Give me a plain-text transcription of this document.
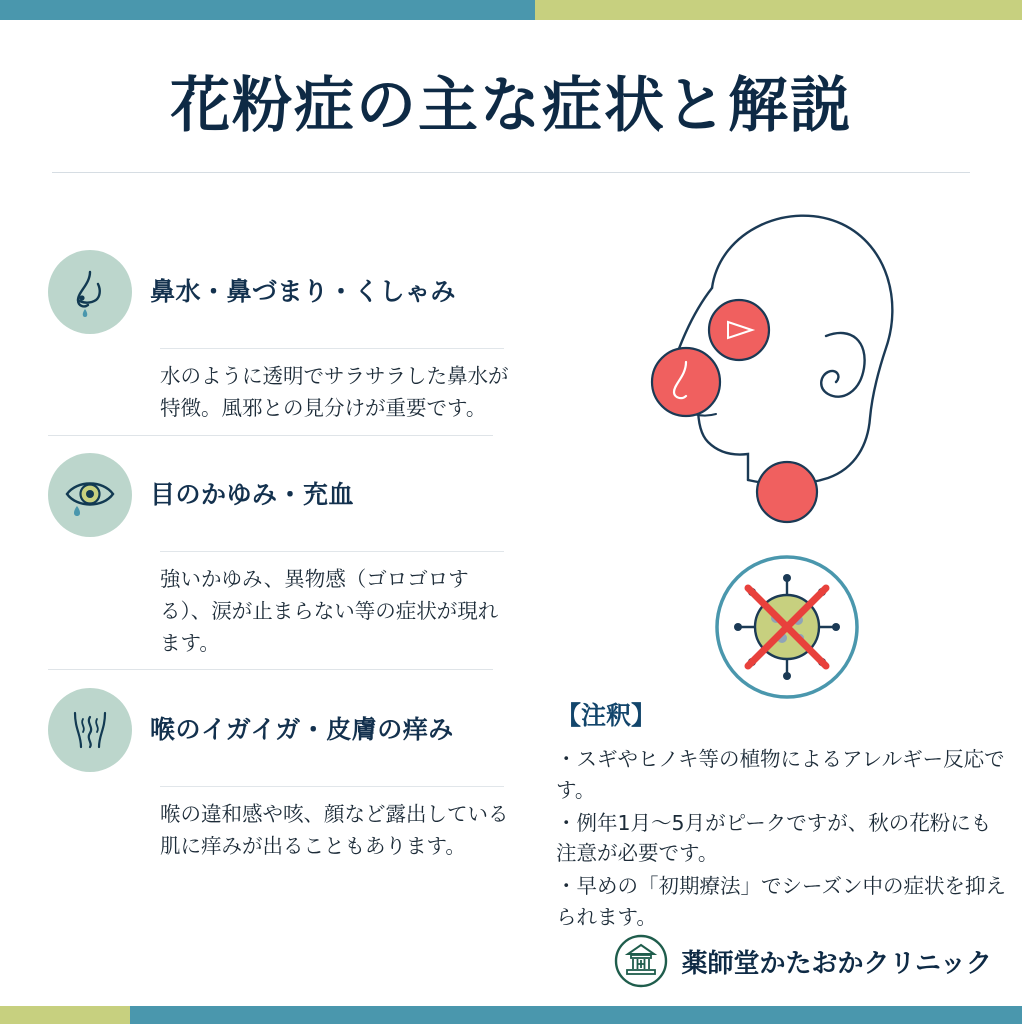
花粉症の主な症状と解説
鼻水・鼻づまり・くしゃみ
水のように透明でサラサラした鼻水が特徴。風邪との見分けが重要です。
目のかゆみ・充血
強いかゆみ、異物感（ゴロゴロする）、涙が止まらない等の症状が現れます。
喉のイガイガ・皮膚の痒み
喉の違和感や咳、顔など露出している肌に痒みが出ることもあります。
【注釈】
・スギやヒノキ等の植物によるアレルギー反応です。
・例年1月〜5月がピークですが、秋の花粉にも注意が必要です。
・早めの「初期療法」でシーズン中の症状を抑えられます。
薬師堂かたおかクリニック
